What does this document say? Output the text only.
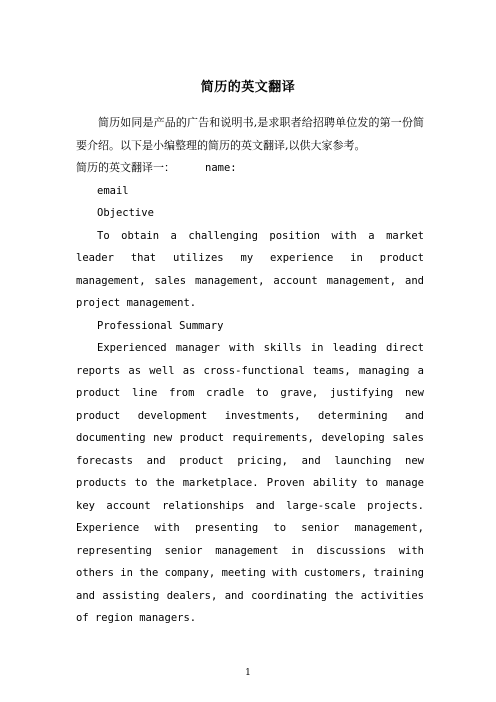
简历的英文翻译

简历如同是产品的广告和说明书,是求职者给招聘单位发的第一份简要介绍。以下是小编整理的简历的英文翻译,以供大家参考。

简历的英文翻译一：	name:

email

Objective

To obtain a challenging position with a market leader that utilizes my experience in product management, sales management, account management, and project management.

Professional Summary

Experienced manager with skills in leading direct reports as well as cross-functional teams, managing a product line from cradle to grave, justifying new product development investments, determining and documenting new product requirements, developing sales forecasts and product pricing, and launching new products to the marketplace. Proven ability to manage key account relationships and large-scale projects. Experience with presenting to senior management, representing senior management in discussions with others in the company, meeting with customers, training and assisting dealers, and coordinating the activities of region managers.

1
